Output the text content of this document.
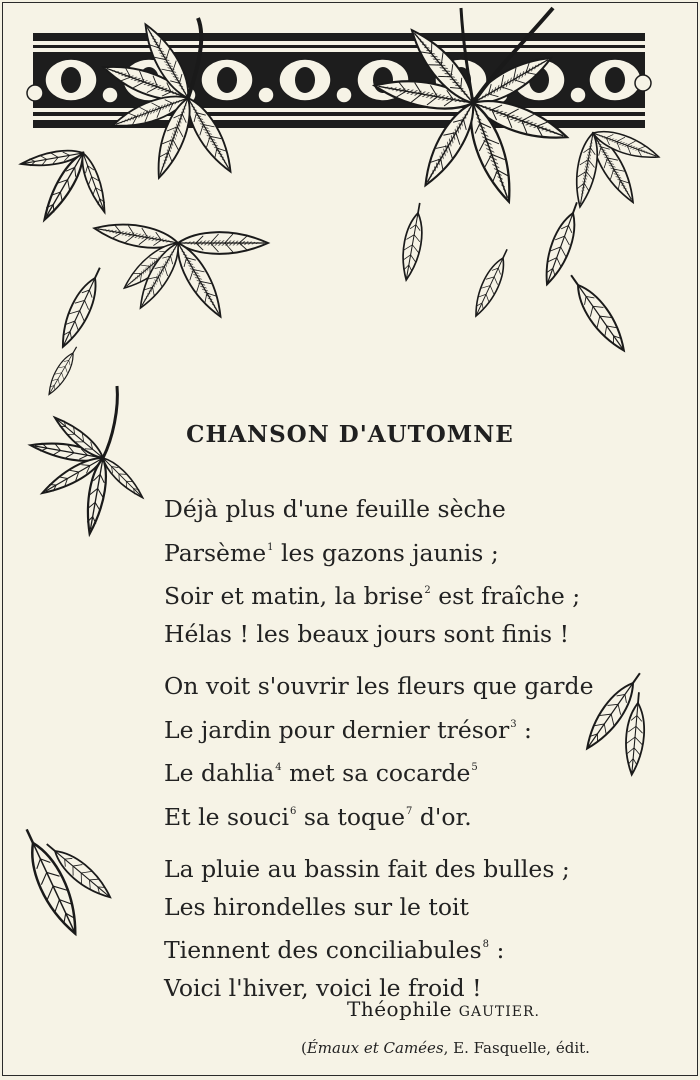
CHANSON D'AUTOMNE
Déjà plus d'une feuille sèche
Parsème$^1$ les gazons jaunis ;
Soir et matin, la brise$^2$ est fraîche ;
Hélas ! les beaux jours sont finis !
On voit s'ouvrir les fleurs que garde
Le jardin pour dernier trésor$^3$ :
Le dahlia$^4$ met sa cocarde$^5$
Et le souci$^6$ sa toque$^7$ d'or.
La pluie au bassin fait des bulles ;
Les hirondelles sur le toit
Tiennent des conciliabules$^8$ :
Voici l'hiver, voici le froid !
Théophile GAUTIER.
(Émaux et Camées, E. Fasquelle, édit.
